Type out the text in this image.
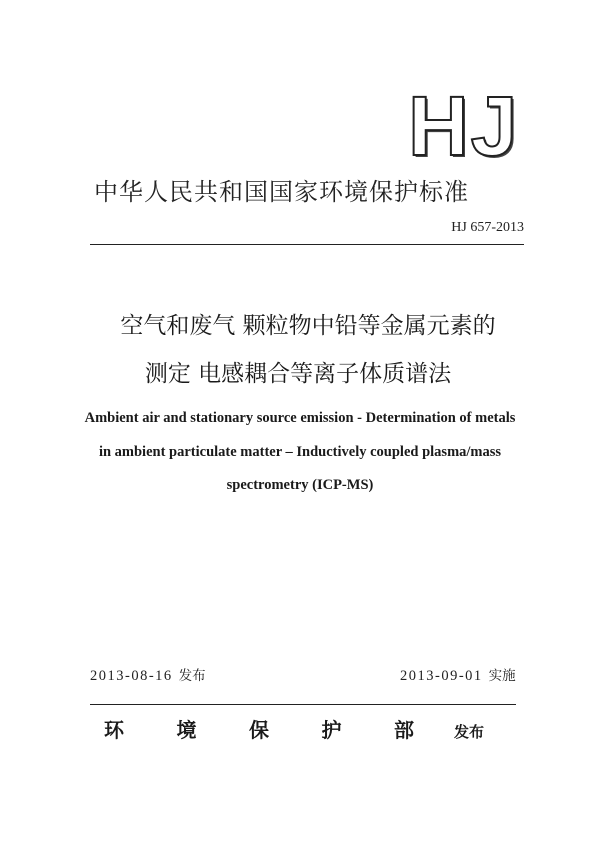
HJ
中华人民共和国国家环境保护标准
HJ 657-2013
空气和废气 颗粒物中铅等金属元素的
测定 电感耦合等离子体质谱法
Ambient air and stationary source emission - Determination of metals
in ambient particulate matter – Inductively coupled plasma/mass
spectrometry (ICP-MS)
2013-08-16 发布	2013-09-01 实施
环	境	保	护	部	发布
